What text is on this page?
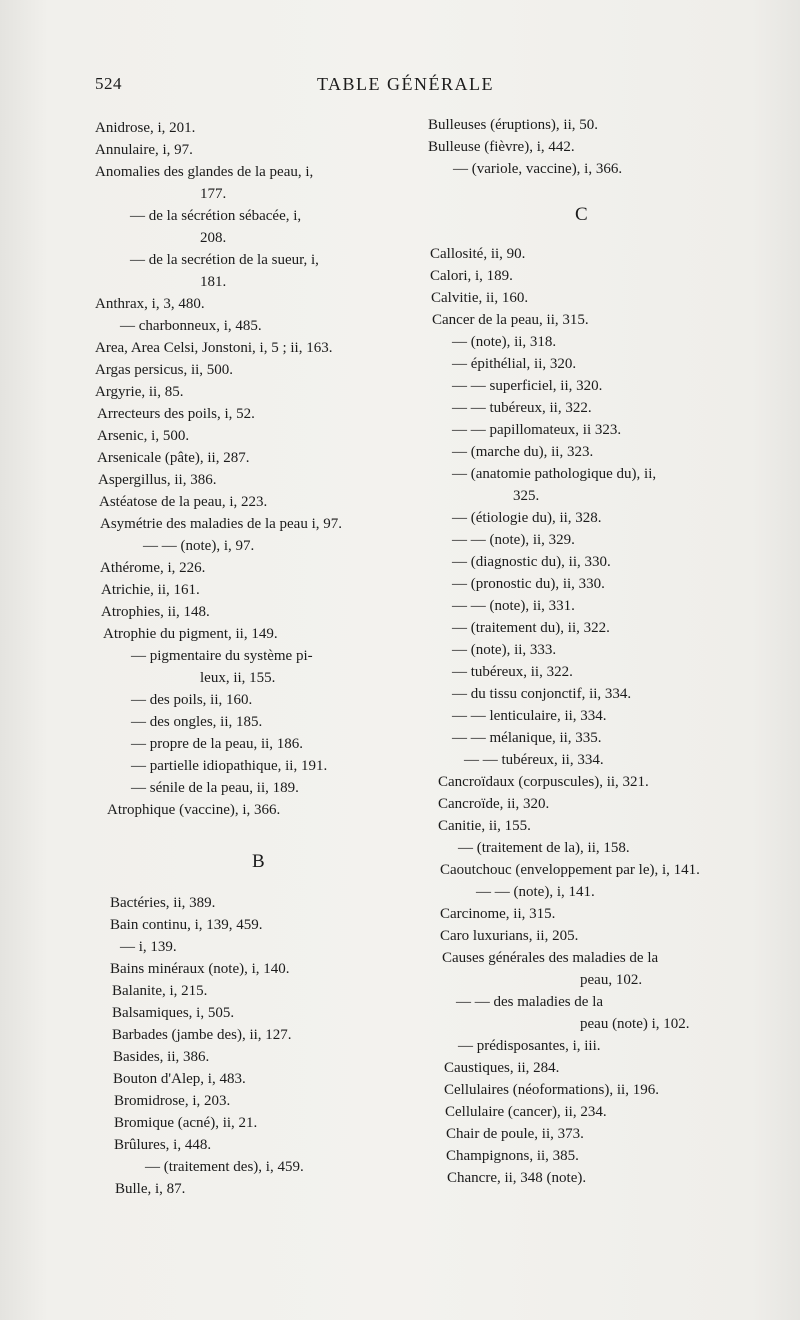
524	TABLE GÉNÉRALE
Anidrose, i, 201.
Annulaire, i, 97.
Anomalies des glandes de la peau, i,
177.
— de la sécrétion sébacée, i,
208.
— de la secrétion de la sueur, i,
181.
Anthrax, i, 3, 480.
— charbonneux, i, 485.
Area, Area Celsi, Jonstoni, i, 5 ; ii, 163.
Argas persicus, ii, 500.
Argyrie, ii, 85.
Arrecteurs des poils, i, 52.
Arsenic, i, 500.
Arsenicale (pâte), ii, 287.
Aspergillus, ii, 386.
Astéatose de la peau, i, 223.
Asymétrie des maladies de la peau i, 97.
— — (note), i, 97.
Athérome, i, 226.
Atrichie, ii, 161.
Atrophies, ii, 148.
Atrophie du pigment, ii, 149.
— pigmentaire du système pi-
leux, ii, 155.
— des poils, ii, 160.
— des ongles, ii, 185.
— propre de la peau, ii, 186.
— partielle idiopathique, ii, 191.
— sénile de la peau, ii, 189.
Atrophique (vaccine), i, 366.
B
Bactéries, ii, 389.
Bain continu, i, 139, 459.
— i, 139.
Bains minéraux (note), i, 140.
Balanite, i, 215.
Balsamiques, i, 505.
Barbades (jambe des), ii, 127.
Basides, ii, 386.
Bouton d'Alep, i, 483.
Bromidrose, i, 203.
Bromique (acné), ii, 21.
Brûlures, i, 448.
— (traitement des), i, 459.
Bulle, i, 87.
Bulleuses (éruptions), ii, 50.
Bulleuse (fièvre), i, 442.
— (variole, vaccine), i, 366.
C
Callosité, ii, 90.
Calori, i, 189.
Calvitie, ii, 160.
Cancer de la peau, ii, 315.
— (note), ii, 318.
— épithélial, ii, 320.
— — superficiel, ii, 320.
— — tubéreux, ii, 322.
— — papillomateux, ii 323.
— (marche du), ii, 323.
— (anatomie pathologique du), ii,
325.
— (étiologie du), ii, 328.
— — (note), ii, 329.
— (diagnostic du), ii, 330.
— (pronostic du), ii, 330.
— — (note), ii, 331.
— (traitement du), ii, 322.
— (note), ii, 333.
— tubéreux, ii, 322.
— du tissu conjonctif, ii, 334.
— — lenticulaire, ii, 334.
— — mélanique, ii, 335.
— — tubéreux, ii, 334.
Cancroïdaux (corpuscules), ii, 321.
Cancroïde, ii, 320.
Canitie, ii, 155.
— (traitement de la), ii, 158.
Caoutchouc (enveloppement par le), i, 141.
— — (note), i, 141.
Carcinome, ii, 315.
Caro luxurians, ii, 205.
Causes générales des maladies de la
peau, 102.
— — des maladies de la
peau (note) i, 102.
— prédisposantes, i, iii.
Caustiques, ii, 284.
Cellulaires (néoformations), ii, 196.
Cellulaire (cancer), ii, 234.
Chair de poule, ii, 373.
Champignons, ii, 385.
Chancre, ii, 348 (note).
